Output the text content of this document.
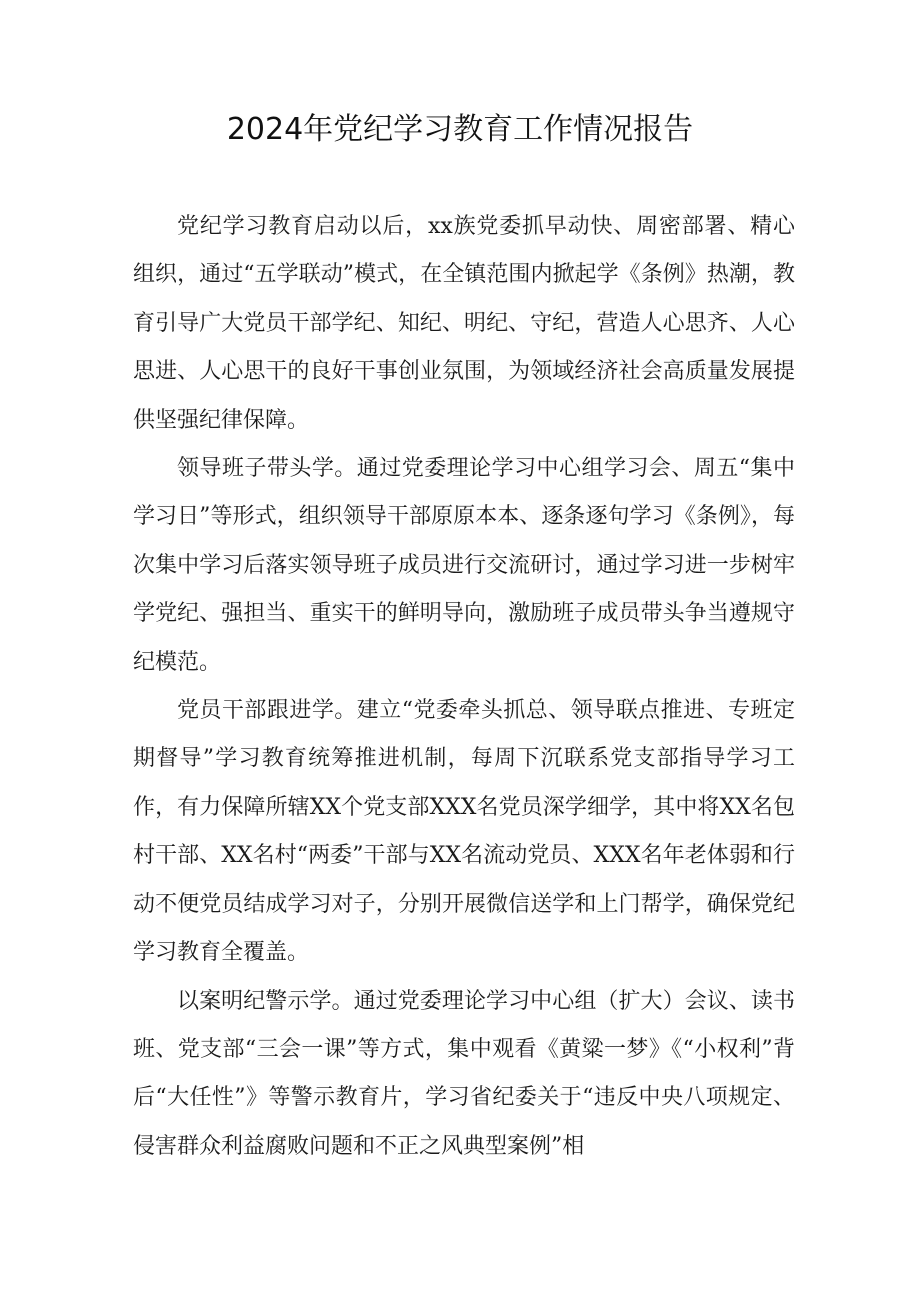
2024年党纪学习教育工作情况报告

党纪学习教育启动以后，xx族党委抓早动快、周密部署、精心组织，通过“五学联动”模式，在全镇范围内掀起学《条例》热潮，教育引导广大党员干部学纪、知纪、明纪、守纪，营造人心思齐、人心思进、人心思干的良好干事创业氛围，为领域经济社会高质量发展提供坚强纪律保障。

领导班子带头学。通过党委理论学习中心组学习会、周五“集中学习日”等形式，组织领导干部原原本本、逐条逐句学习《条例》，每次集中学习后落实领导班子成员进行交流研讨，通过学习进一步树牢学党纪、强担当、重实干的鲜明导向，激励班子成员带头争当遵规守纪模范。

党员干部跟进学。建立“党委牵头抓总、领导联点推进、专班定期督导”学习教育统筹推进机制，每周下沉联系党支部指导学习工作，有力保障所辖XX个党支部XXX名党员深学细学，其中将XX名包村干部、XX名村“两委”干部与XX名流动党员、XXX名年老体弱和行动不便党员结成学习对子，分别开展微信送学和上门帮学，确保党纪学习教育全覆盖。

以案明纪警示学。通过党委理论学习中心组（扩大）会议、读书班、党支部“三会一课”等方式，集中观看《黄粱一梦》《“小权利”背后“大任性”》等警示教育片，学习省纪委关于“违反中央八项规定、侵害群众利益腐败问题和不正之风典型案例”相
